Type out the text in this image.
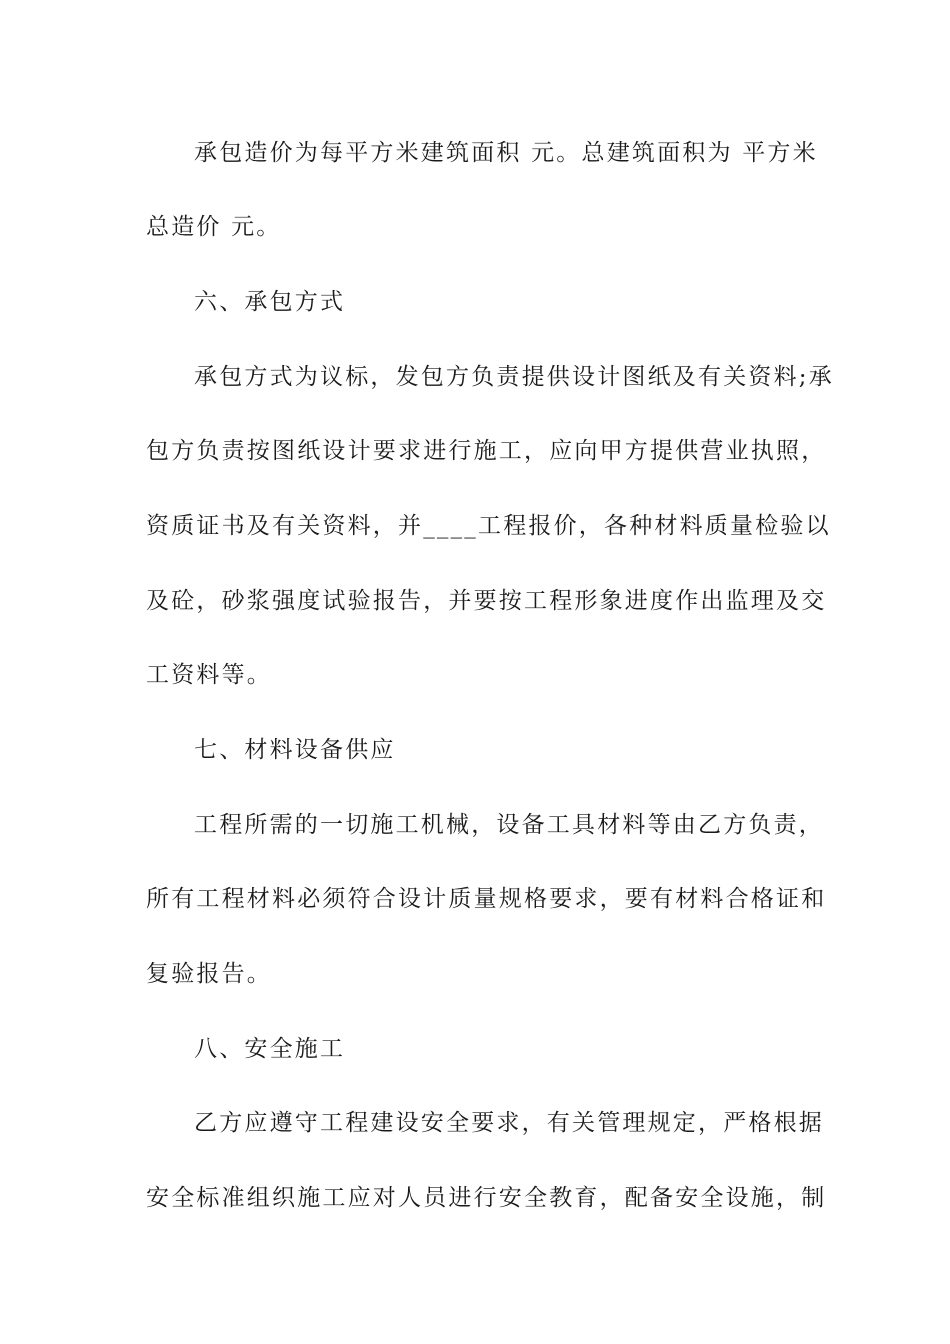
承包造价为每平方米建筑面积 元。总建筑面积为 平方米
总造价 元。
六、承包方式
承包方式为议标，发包方负责提供设计图纸及有关资料;承
包方负责按图纸设计要求进行施工，应向甲方提供营业执照，
资质证书及有关资料，并____工程报价，各种材料质量检验以
及砼，砂浆强度试验报告，并要按工程形象进度作出监理及交
工资料等。
七、材料设备供应
工程所需的一切施工机械，设备工具材料等由乙方负责，
所有工程材料必须符合设计质量规格要求，要有材料合格证和
复验报告。
八、安全施工
乙方应遵守工程建设安全要求，有关管理规定，严格根据
安全标准组织施工应对人员进行安全教育，配备安全设施，制
